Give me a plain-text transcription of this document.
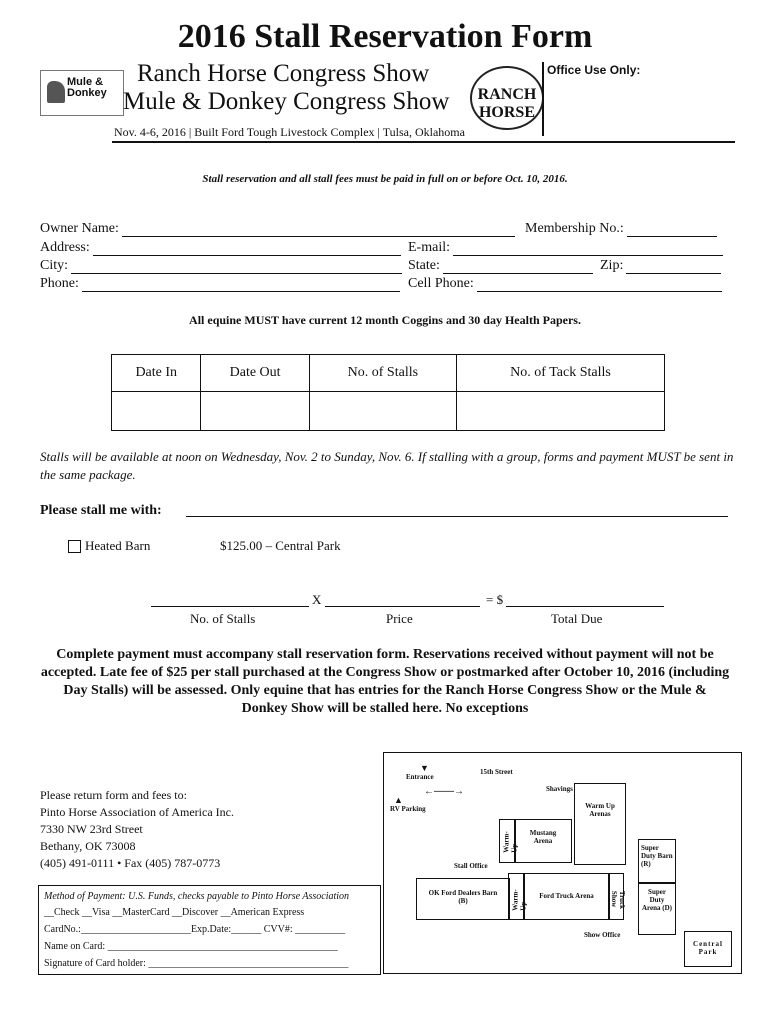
2016 Stall Reservation Form
Mule & Donkey
Ranch Horse Congress Show
Mule & Donkey Congress Show	RANCH HORSE
Office Use Only:
Nov. 4-6, 2016 | Built Ford Tough Livestock Complex | Tulsa, Oklahoma
Stall reservation and all stall fees must be paid in full on or before Oct. 10, 2016.
Owner Name:	Membership No.:
Address:	E-mail:
City:	State:	Zip:
Phone:	Cell Phone:
All equine MUST have current 12 month Coggins and 30 day Health Papers.
Date In	Date Out	No. of Stalls	No. of Tack Stalls

Stalls will be available at noon on Wednesday, Nov. 2 to Sunday, Nov. 6. If stalling with a group, forms and payment MUST be sent in the same package.
Please stall me with:
Heated Barn	$125.00 – Central Park
X	= $
No. of Stalls	Price	Total Due
Complete payment must accompany stall reservation form. Reservations received without payment will not be accepted. Late fee of $25 per stall purchased at the Congress Show or postmarked after October 10, 2016 (including Day Stalls) will be assessed. Only equine that has entries for the Ranch Horse Congress Show or the Mule & Donkey Show will be stalled here. No exceptions
Please return form and fees to:
Pinto Horse Association of America Inc.
7330 NW 23rd Street
Bethany, OK 73008
(405) 491-0111 • Fax (405) 787-0773
Method of Payment: U.S. Funds, checks payable to Pinto Horse Association
__Check __Visa __MasterCard __Discover __American Express
CardNo.:______________________Exp.Date:______ CVV#: __________
Name on Card: ______________________________________________
Signature of Card holder: ________________________________________
Entrance
▼	15th Street
←——→
RV Parking
▲
Shavings
Warm Up Arenas
Warm-Up
Mustang Arena
Stall Office
Super Duty Barn (R)
OK Ford Dealers Barn (B)	Warm-Up
Ford Truck Arena	Truck Show	Super Duty Arena (D)
Show Office
Central Park
